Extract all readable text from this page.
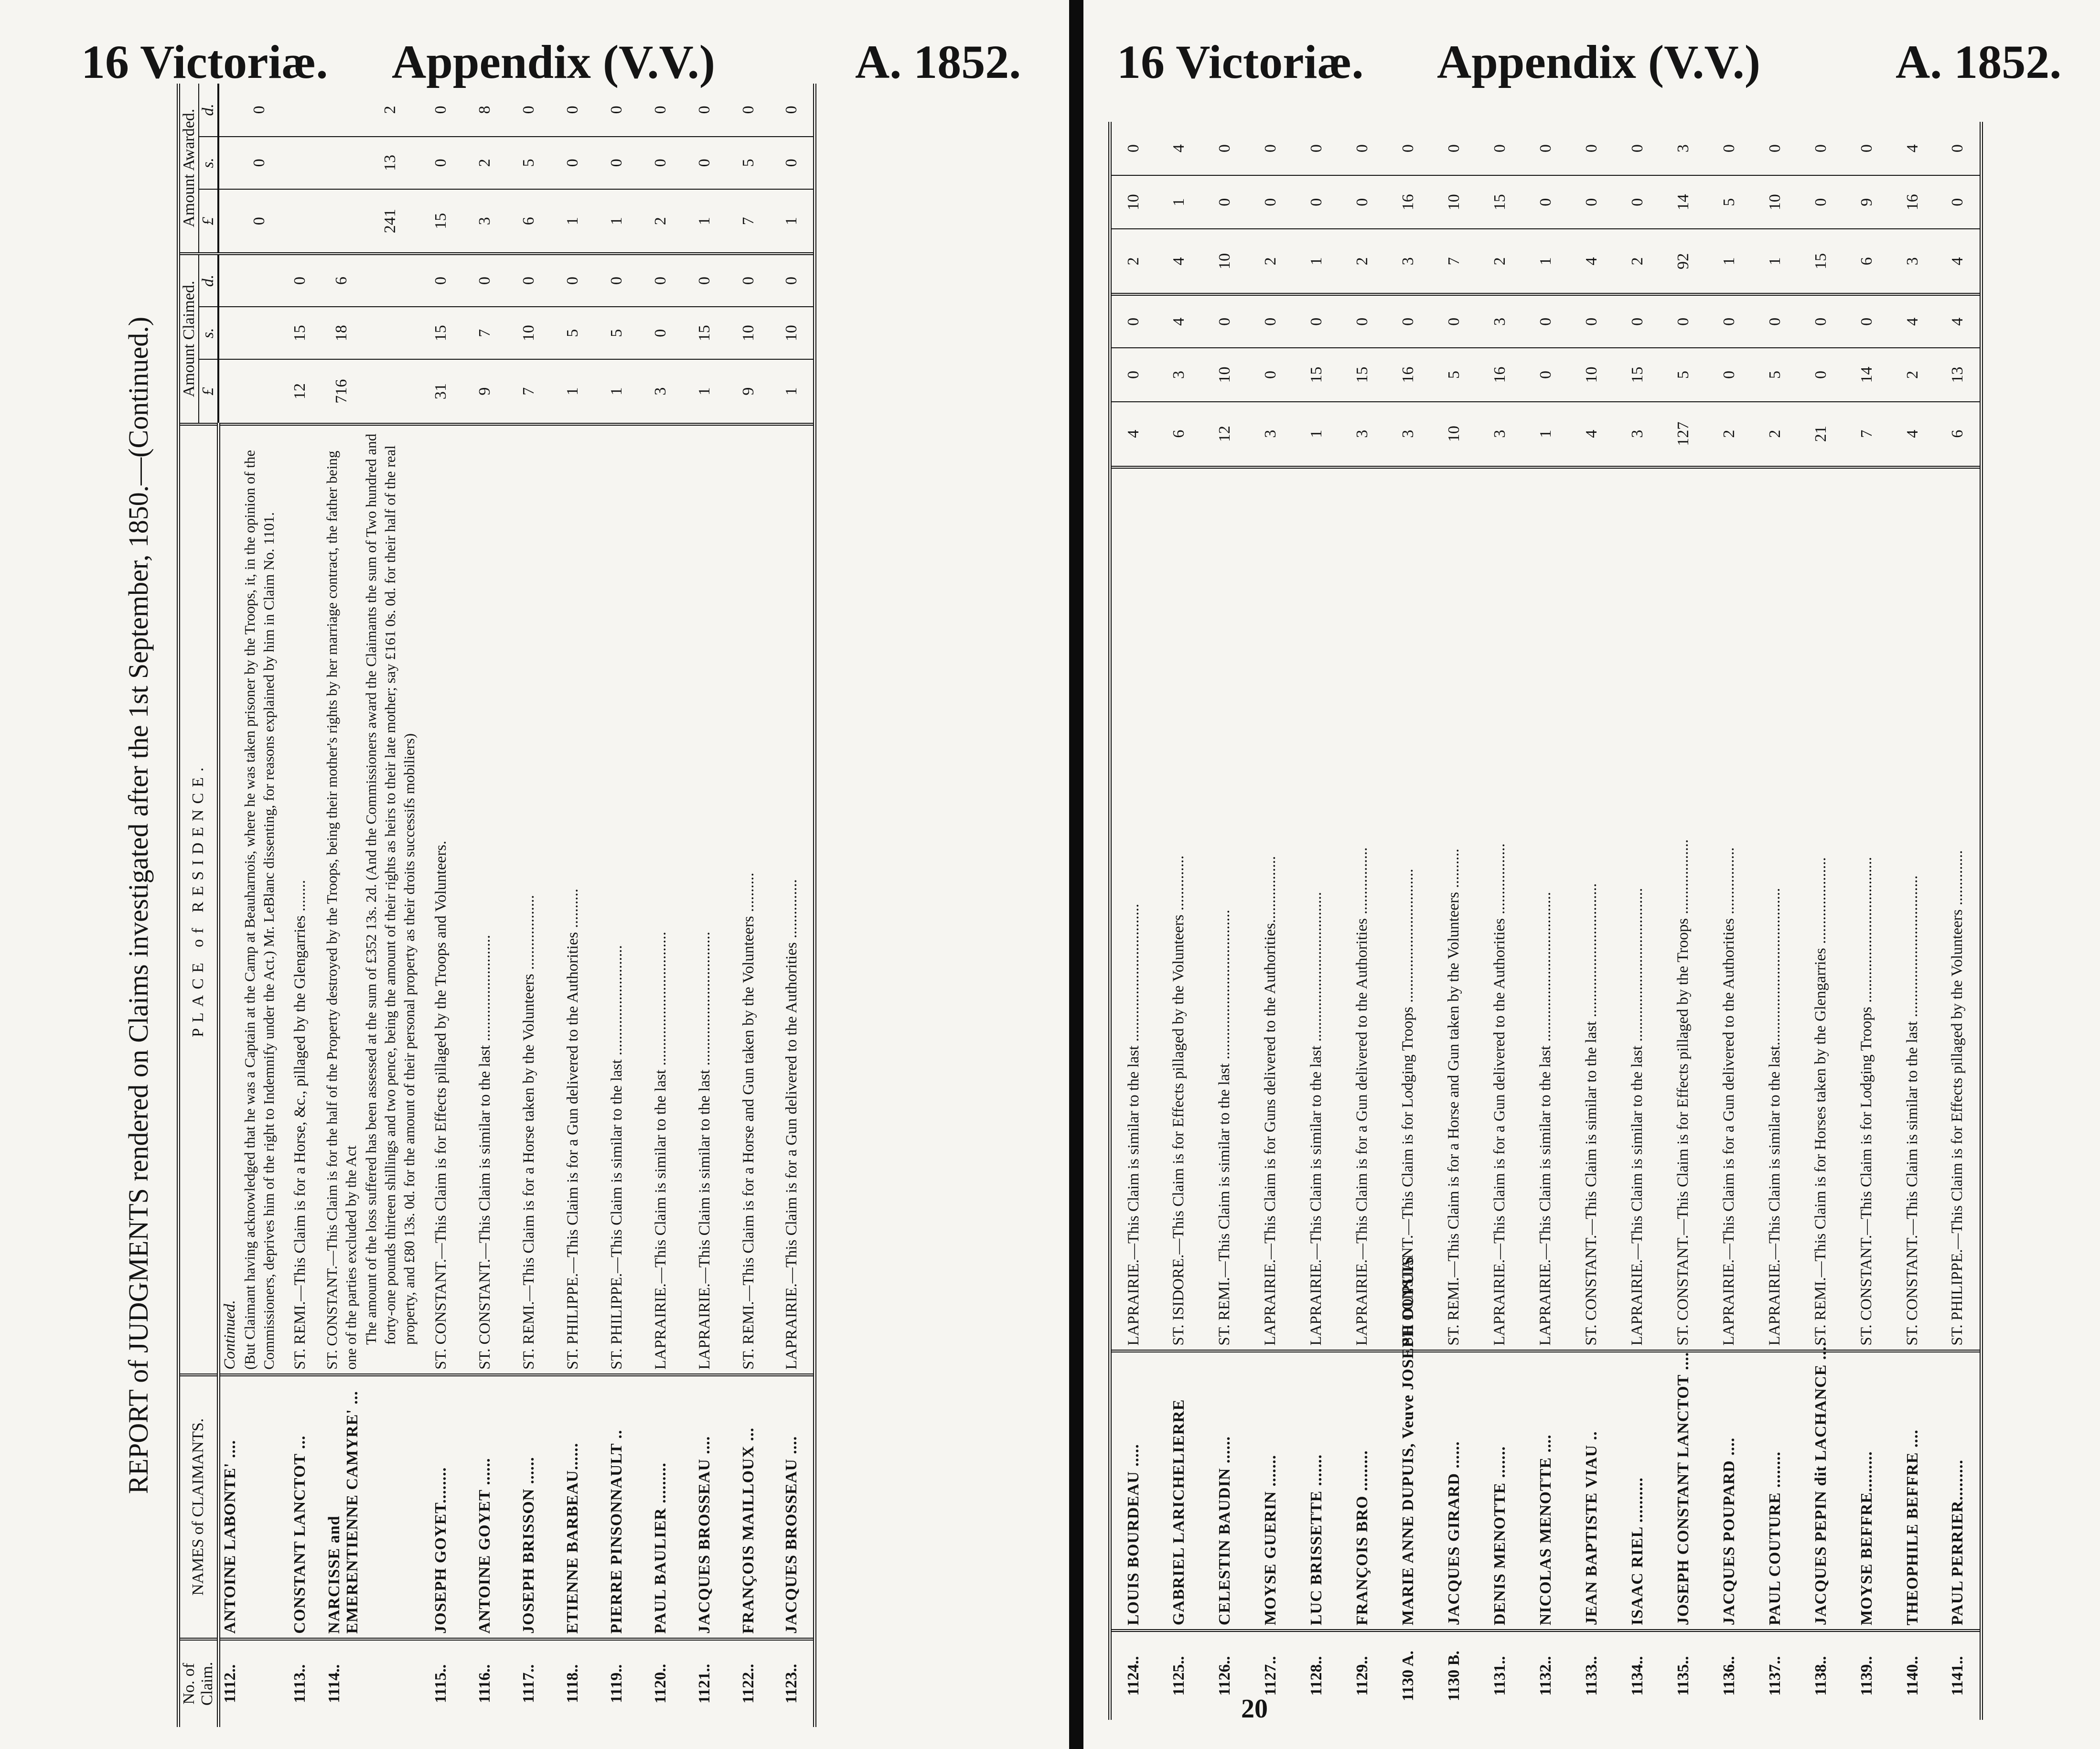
16 Victoriæ. Appendix (V.V.)	A. 1852.
REPORT of JUDGMENTS rendered on Claims investigated after the 1st September, 1850.—(Continued.)
No. of Claim.	NAMES of CLAIMANTS.	PLACE of RESIDENCE.	Amount Claimed.			Amount Awarded.		
			£	s.	d.	£	s.	d.
1112..	ANTOINE LABONTE' ....	Continued.						
		(But Claimant having acknowledged that he was a Captain at the Camp at Beauharnois, where he was taken prisoner by the Troops, it, in the opinion of the Commissioners, deprives him of the right to Indemnify under the Act.) Mr. LeBlanc dissenting, for reasons explained by him in Claim No. 1101.				0	0	0
1113..	CONSTANT LANCTOT ...	ST. REMI.—This Claim is for a Horse, &c., pillaged by the Glengarries ........	12	15	0			
1114..	NARCISSE and EMERENTIENNE CAMYRE' ...	ST. CONSTANT.—This Claim is for the half of the Property destroyed by the Troops, being their mother's rights by her marriage contract, the father being one of the parties excluded by the Act	716	18	6			
		The amount of the loss suffered has been assessed at the sum of £352 13s. 2d. (And the Commissioners award the Claimants the sum of Two hundred and forty-one pounds thirteen shillings and two pence, being the amount of their rights as heirs to their late mother; say £161 0s. 0d. for their half of the real property, and £80 13s. 0d. for the amount of their personal property as their droits successifs mobiliers)				241	13	2
1115..	JOSEPH GOYET........	ST. CONSTANT.—This Claim is for Effects pillaged by the Troops and Volunteers.	31	15	0	15	0	0
1116..	ANTOINE GOYET ......	ST. CONSTANT.—This Claim is similar to the last ...........................	9	7	0	3	2	8
1117..	JOSEPH BRISSON ......	ST. REMI.—This Claim is for a Horse taken by the Volunteers ...................	7	10	0	6	5	0
1118..	ETIENNE BARBEAU......	ST. PHILIPPE.—This Claim is for a Gun delivered to the Authorities ..........	1	5	0	1	0	0
1119..	PIERRE PINSONNAULT ..	ST. PHILIPPE.—This Claim is similar to the last ............................	1	5	0	1	0	0
1120..	PAUL BAULIER .........	LAPRAIRIE.—This Claim is similar to the last ..................................	3	0	0	2	0	0
1121..	JACQUES BROSSEAU ....	LAPRAIRIE.—This Claim is similar to the last ..................................	1	15	0	1	0	0
1122..	FRANÇOIS MAILLOUX ...	ST. REMI.—This Claim is for a Horse and Gun taken by the Volunteers ..........	9	10	0	7	5	0
1123..	JACQUES BROSSEAU ....	LAPRAIRIE.—This Claim is for a Gun delivered to the Authorities ...............	1	10	0	1	0	0
16 Victoriæ. Appendix (V.V.)	A. 1852.
1124..	LOUIS BOURDEAU .....	LAPRAIRIE.—This Claim is similar to the last ...................................	4	0	0	2	10	0
1125..	GABRIEL LARICHELIERRE	ST. ISIDORE.—This Claim is for Effects pillaged by the Volunteers ..............	6	3	4	4	1	4
1126..	CELESTIN BAUDIN ......	ST. REMI.—This Claim is similar to the last ......................................	12	10	0	10	0	0
1127..	MOYSE GUERIN .......	LAPRAIRIE.—This Claim is for Guns delivered to the Authorities.................	3	0	0	2	0	0
1128..	LUC BRISSETTE .......	LAPRAIRIE.—This Claim is similar to the last ......................................	1	15	0	1	0	0
1129..	FRANÇOIS BRO .........	LAPRAIRIE.—This Claim is for a Gun delivered to the Authorities .................	3	15	0	2	0	0
1130 A.	MARIE ANNE DUPUIS, Veuve JOSEPH DUPUIS	ST. CONSTANT.—This Claim is for Lodging Troops ..................................	3	16	0	3	16	0
1130 B.	JACQUES GIRARD ......	ST. REMI.—This Claim is for a Horse and Gun taken by the Volunteers ..........	10	5	0	7	10	0
1131..	DENIS MENOTTE .......	LAPRAIRIE.—This Claim is for a Gun delivered to the Authorities ..................	3	16	3	2	15	0
1132..	NICOLAS MENOTTE ....	LAPRAIRIE.—This Claim is similar to the last ......................................	1	0	0	1	0	0
1133..	JEAN BAPTISTE VIAU ..	ST. CONSTANT.—This Claim is similar to the last ..................................	4	10	0	4	0	0
1134..	ISAAC RIEL ..........	LAPRAIRIE.—This Claim is similar to the last .......................................	3	15	0	2	0	0
1135..	JOSEPH CONSTANT LANCTOT ....	ST. CONSTANT.—This Claim is for Effects pillaged by the Troops ...................	127	5	0	92	14	3
1136..	JACQUES POUPARD ....	LAPRAIRIE.—This Claim is for a Gun delivered to the Authorities .................	2	0	0	1	5	0
1137..	PAUL COUTURE ........	LAPRAIRIE.—This Claim is similar to the last........................................	2	5	0	1	10	0
1138..	JACQUES PEPIN dit LACHANCE ....	ST. REMI.—This Claim is for Horses taken by the Glengarries ......................	21	0	0	15	0	0
1139..	MOYSE BEFFRE.........	ST. CONSTANT.—This Claim is for Lodging Troops .....................................	7	14	0	6	9	0
1140..	THEOPHILE BEFFRE ....	ST. CONSTANT.—This Claim is similar to the last ....................................	4	2	4	3	16	4
1141..	PAUL PERRIER.........	ST. PHILIPPE.—This Claim is for Effects pillaged by the Volunteers ..............	6	13	4	4	0	0
20
